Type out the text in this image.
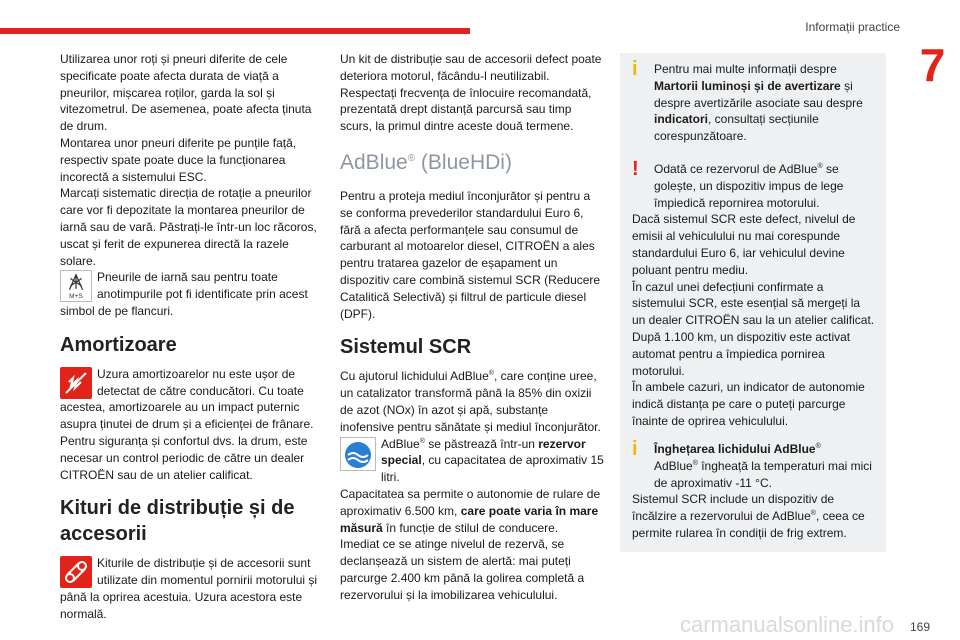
Informații practice
7

Utilizarea unor roți și pneuri diferite de cele specificate poate afecta durata de viață a pneurilor, mișcarea roților, garda la sol și vitezometrul. De asemenea, poate afecta ținuta de drum.

Montarea unor pneuri diferite pe punțile față, respectiv spate poate duce la funcționarea incorectă a sistemului ESC.

Marcați sistematic direcția de rotație a pneurilor care vor fi depozitate la montarea pneurilor de iarnă sau de vară. Păstrați-le într-un loc răcoros, uscat și ferit de expunerea directă la razele solare.

M+S

Pneurile de iarnă sau pentru toate anotimpurile pot fi identificate prin acest simbol de pe flancuri.

Amortizoare

Uzura amortizoarelor nu este ușor de detectat de către conducători. Cu toate acestea, amortizoarele au un impact puternic asupra ținutei de drum și a eficienței de frânare. Pentru siguranța și confortul dvs. la drum, este necesar un control periodic de către un dealer CITROËN sau de un atelier calificat.

Kituri de distribuție și de accesorii

Kiturile de distribuție și de accesorii sunt utilizate din momentul pornirii motorului și până la oprirea acestuia. Uzura acestora este normală.

Un kit de distribuție sau de accesorii defect poate deteriora motorul, făcându-l neutilizabil. Respectați frecvența de înlocuire recomandată, prezentată drept distanță parcursă sau timp scurs, la primul dintre aceste două termene.

AdBlue® (BlueHDi)

Pentru a proteja mediul înconjurător și pentru a se conforma prevederilor standardului Euro 6, fără a afecta performanțele sau consumul de carburant al motoarelor diesel, CITROËN a ales pentru tratarea gazelor de eșapament un dispozitiv care combină sistemul SCR (Reducere Catalitică Selectivă) și filtrul de particule diesel (DPF).

Sistemul SCR

Cu ajutorul lichidului AdBlue®, care conține uree, un catalizator transformă până la 85% din oxizii de azot (NOx) în azot și apă, substanțe inofensive pentru sănătate și mediul înconjurător.

AdBlue® se păstrează într-un rezervor special, cu capacitatea de aproximativ 15 litri.

Capacitatea sa permite o autonomie de rulare de aproximativ 6.500 km, care poate varia în mare măsură în funcție de stilul de conducere.

Imediat ce se atinge nivelul de rezervă, se declanșează un sistem de alertă: mai puteți parcurge 2.400 km până la golirea completă a rezervorului și la imobilizarea vehiculului.

i	Pentru mai multe informații despre Martorii luminoși și de avertizare și despre avertizările asociate sau despre indicatori, consultați secțiunile corespunzătoare.

!	Odată ce rezervorul de AdBlue® se golește, un dispozitiv impus de lege împiedică repornirea motorului.

Dacă sistemul SCR este defect, nivelul de emisii al vehiculului nu mai corespunde standardului Euro 6, iar vehiculul devine poluant pentru mediu.

În cazul unei defecțiuni confirmate a sistemului SCR, este esențial să mergeți la un dealer CITROËN sau la un atelier calificat. După 1.100 km, un dispozitiv este activat automat pentru a împiedica pornirea motorului.

În ambele cazuri, un indicator de autonomie indică distanța pe care o puteți parcurge înainte de oprirea vehiculului.

i	Înghețarea lichidului AdBlue®

AdBlue® îngheață la temperaturi mai mici de aproximativ -11 °C.

Sistemul SCR include un dispozitiv de încălzire a rezervorului de AdBlue®, ceea ce permite rularea în condiții de frig extrem.

carmanualsonline.info 169
